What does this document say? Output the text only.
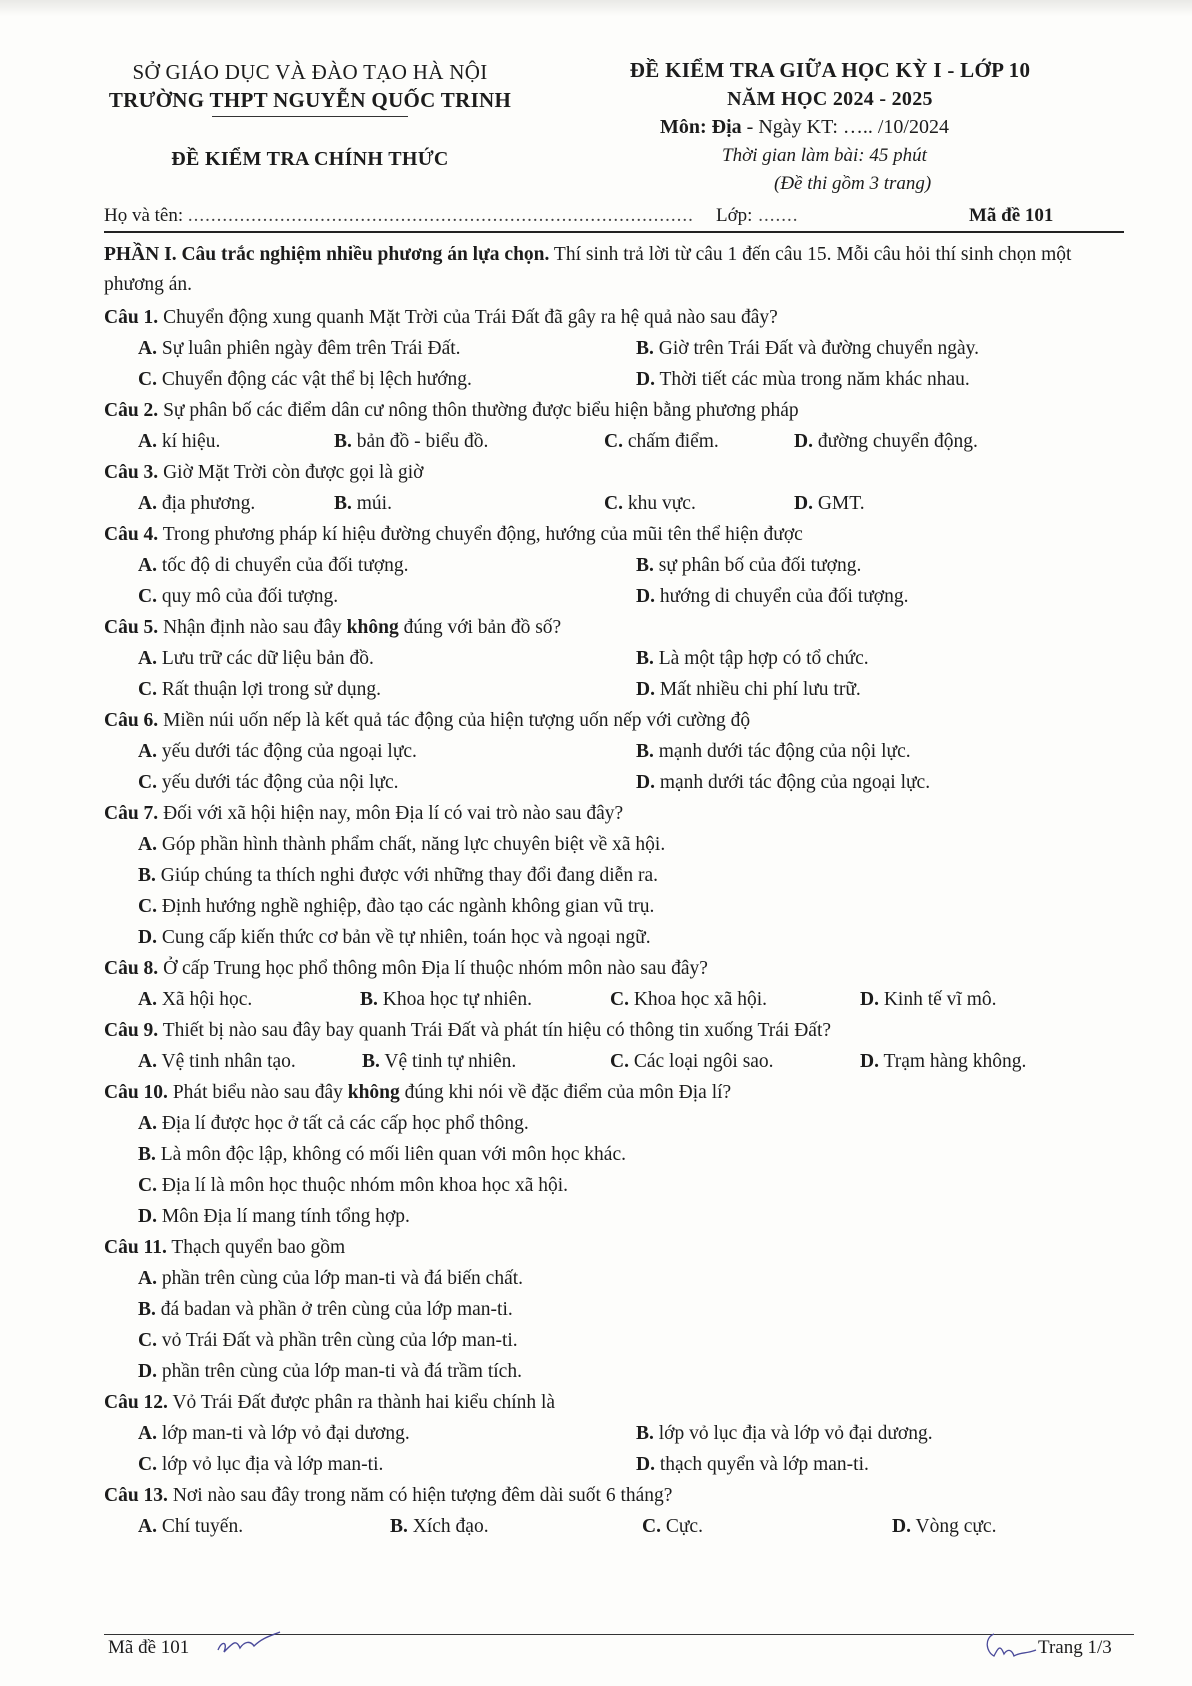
SỞ GIÁO DỤC VÀ ĐÀO TẠO HÀ NỘI
TRƯỜNG THPT NGUYỄN QUỐC TRINH
ĐỀ KIỂM TRA CHÍNH THỨC
ĐỀ KIỂM TRA GIỮA HỌC KỲ I - LỚP 10
NĂM HỌC 2024 - 2025
Môn: Địa - Ngày KT: ….. /10/2024
Thời gian làm bài: 45 phút
(Đề thi gồm 3 trang)
Họ và tên: ........................................................................................ Lớp: .......	Mã đề 101
PHẦN I. Câu trắc nghiệm nhiều phương án lựa chọn. Thí sinh trả lời từ câu 1 đến câu 15. Mỗi câu hỏi thí sinh chọn một phương án.
Câu 1. Chuyển động xung quanh Mặt Trời của Trái Đất đã gây ra hệ quả nào sau đây?
A. Sự luân phiên ngày đêm trên Trái Đất.	B. Giờ trên Trái Đất và đường chuyển ngày.
C. Chuyển động các vật thể bị lệch hướng.	D. Thời tiết các mùa trong năm khác nhau.
Câu 2. Sự phân bố các điểm dân cư nông thôn thường được biểu hiện bằng phương pháp
A. kí hiệu.	B. bản đồ - biểu đồ.	C. chấm điểm.	D. đường chuyển động.
Câu 3. Giờ Mặt Trời còn được gọi là giờ
A. địa phương.	B. múi.	C. khu vực.	D. GMT.
Câu 4. Trong phương pháp kí hiệu đường chuyển động, hướng của mũi tên thể hiện được
A. tốc độ di chuyển của đối tượng.	B. sự phân bố của đối tượng.
C. quy mô của đối tượng.	D. hướng di chuyển của đối tượng.
Câu 5. Nhận định nào sau đây không đúng với bản đồ số?
A. Lưu trữ các dữ liệu bản đồ.	B. Là một tập hợp có tổ chức.
C. Rất thuận lợi trong sử dụng.	D. Mất nhiều chi phí lưu trữ.
Câu 6. Miền núi uốn nếp là kết quả tác động của hiện tượng uốn nếp với cường độ
A. yếu dưới tác động của ngoại lực.	B. mạnh dưới tác động của nội lực.
C. yếu dưới tác động của nội lực.	D. mạnh dưới tác động của ngoại lực.
Câu 7. Đối với xã hội hiện nay, môn Địa lí có vai trò nào sau đây?
A. Góp phần hình thành phẩm chất, năng lực chuyên biệt về xã hội.
B. Giúp chúng ta thích nghi được với những thay đổi đang diễn ra.
C. Định hướng nghề nghiệp, đào tạo các ngành không gian vũ trụ.
D. Cung cấp kiến thức cơ bản về tự nhiên, toán học và ngoại ngữ.
Câu 8. Ở cấp Trung học phổ thông môn Địa lí thuộc nhóm môn nào sau đây?
A. Xã hội học.	B. Khoa học tự nhiên.	C. Khoa học xã hội.	D. Kinh tế vĩ mô.
Câu 9. Thiết bị nào sau đây bay quanh Trái Đất và phát tín hiệu có thông tin xuống Trái Đất?
A. Vệ tinh nhân tạo.	B. Vệ tinh tự nhiên.	C. Các loại ngôi sao.	D. Trạm hàng không.
Câu 10. Phát biểu nào sau đây không đúng khi nói về đặc điểm của môn Địa lí?
A. Địa lí được học ở tất cả các cấp học phổ thông.
B. Là môn độc lập, không có mối liên quan với môn học khác.
C. Địa lí là môn học thuộc nhóm môn khoa học xã hội.
D. Môn Địa lí mang tính tổng hợp.
Câu 11. Thạch quyển bao gồm
A. phần trên cùng của lớp man-ti và đá biến chất.
B. đá badan và phần ở trên cùng của lớp man-ti.
C. vỏ Trái Đất và phần trên cùng của lớp man-ti.
D. phần trên cùng của lớp man-ti và đá trầm tích.
Câu 12. Vỏ Trái Đất được phân ra thành hai kiểu chính là
A. lớp man-ti và lớp vỏ đại dương.	B. lớp vỏ lục địa và lớp vỏ đại dương.
C. lớp vỏ lục địa và lớp man-ti.	D. thạch quyển và lớp man-ti.
Câu 13. Nơi nào sau đây trong năm có hiện tượng đêm dài suốt 6 tháng?
A. Chí tuyến.	B. Xích đạo.	C. Cực.	D. Vòng cực.
Mã đề 101	Trang 1/3
